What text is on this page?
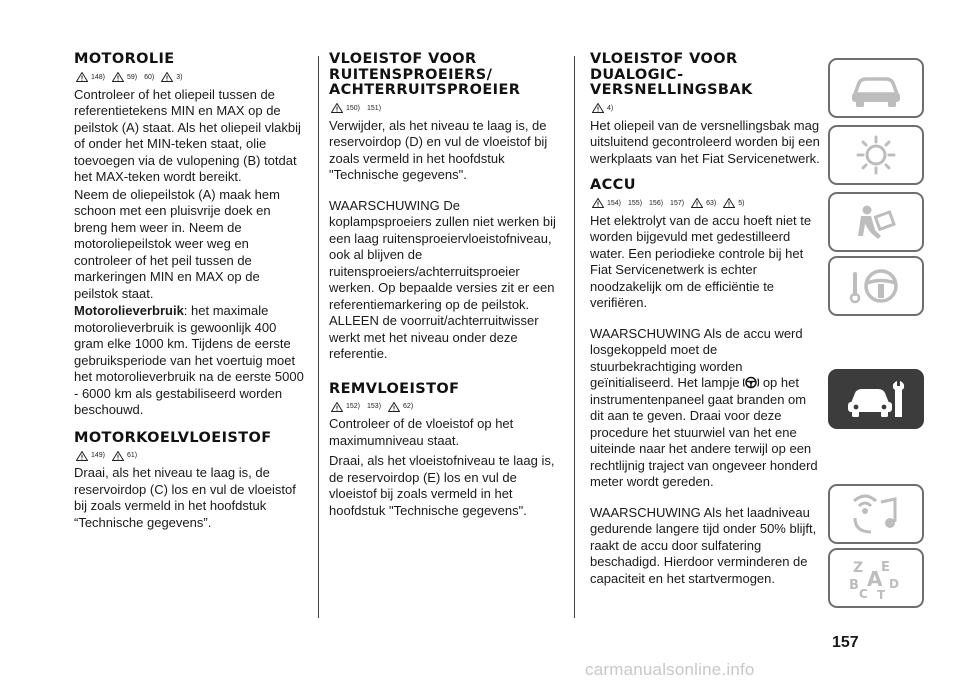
MOTOROLIE
148)	59) 60)	3)

Controleer of het oliepeil tussen de referentietekens MIN en MAX op de peilstok (A) staat. Als het oliepeil vlakbij of onder het MIN-teken staat, olie toevoegen via de vulopening (B) totdat het MAX-teken wordt bereikt.

Neem de oliepeilstok (A) maak hem schoon met een pluisvrije doek en breng hem weer in. Neem de motoroliepeilstok weer weg en controleer of het peil tussen de markeringen MIN en MAX op de peilstok staat.

Motorolieverbruik: het maximale motorolieverbruik is gewoonlijk 400 gram elke 1000 km. Tijdens de eerste gebruiksperiode van het voertuig moet het motorolieverbruik na de eerste 5000 - 6000 km als gestabiliseerd worden beschouwd.

MOTORKOELVLOEISTOF
149)	61)

Draai, als het niveau te laag is, de reservoirdop (C) los en vul de vloeistof bij zoals vermeld in het hoofdstuk “Technische gegevens”.

VLOEISTOF VOOR RUITENSPROEIERS/ ACHTERRUITSPROEIER
150) 151)

Verwijder, als het niveau te laag is, de reservoirdop (D) en vul de vloeistof bij zoals vermeld in het hoofdstuk "Technische gegevens".

WAARSCHUWING De koplampsproeiers zullen niet werken bij een laag ruitensproeiervloeistofniveau, ook al blijven de ruitensproeiers/achterruitsproeier werken. Op bepaalde versies zit er een referentiemarkering op de peilstok. ALLEEN de voorruit/achterruitwisser werkt met het niveau onder deze referentie.

REMVLOEISTOF
152) 153)	62)

Controleer of de vloeistof op het maximumniveau staat.

Draai, als het vloeistofniveau te laag is, de reservoirdop (E) los en vul de vloeistof bij zoals vermeld in het hoofdstuk "Technische gegevens".

VLOEISTOF VOOR DUALOGIC- VERSNELLINGSBAK
4)

Het oliepeil van de versnellingsbak mag uitsluitend gecontroleerd worden bij een werkplaats van het Fiat Servicenetwerk.

ACCU
154) 155) 156) 157)	63)	5)

Het elektrolyt van de accu hoeft niet te worden bijgevuld met gedestilleerd water. Een periodieke controle bij het Fiat Servicenetwerk is echter noodzakelijk om de efficiëntie te verifiëren.

WAARSCHUWING Als de accu werd losgekoppeld moet de stuurbekrachtiging worden geïnitialiseerd. Het lampje op het instrumentenpaneel gaat branden om dit aan te geven. Draai voor deze procedure het stuurwiel van het ene uiteinde naar het andere terwijl op een rechtlijnig traject van ongeveer honderd meter wordt gereden.

WAARSCHUWING Als het laadniveau gedurende langere tijd onder 50% blijft, raakt de accu door sulfatering beschadigd. Hierdoor verminderen de capaciteit en het startvermogen.

Z E
B A D
C T
157
carmanualsonline.info
